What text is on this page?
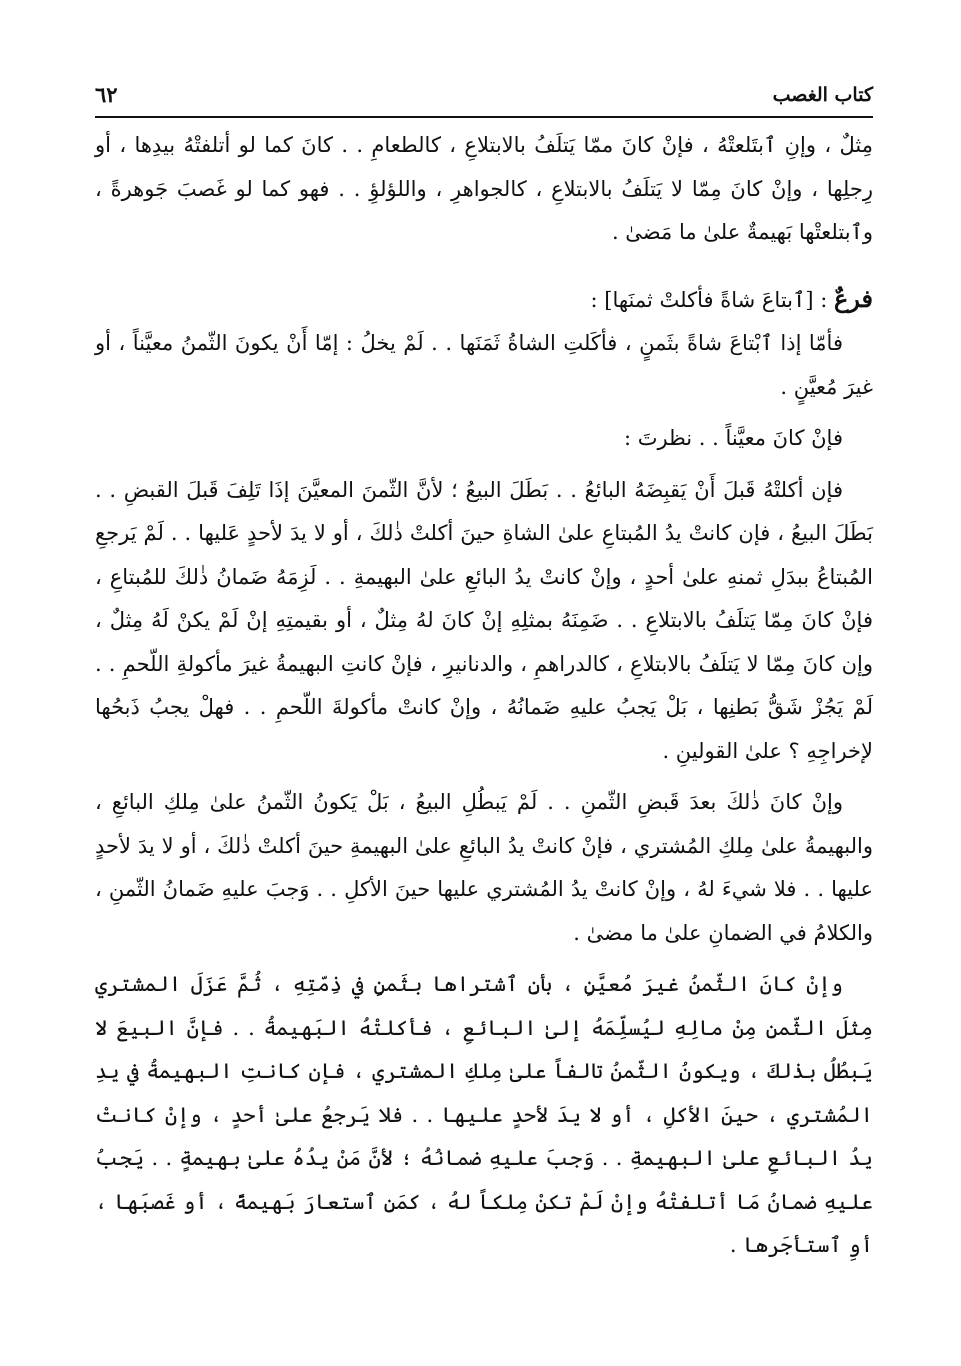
كتاب الغصب
٦٢

مِثلٌ ، وإنِ ٱبتَلعتْهُ ، فإنْ كانَ ممّا يَتلَفُ بالابتلاعِ ، كالطعامِ . . كانَ كما لو أتلفتْهُ بيدِها ، أو رِجلِها ، وإنْ كانَ مِمّا لا يَتلَفُ بالابتلاعِ ، كالجواهرِ ، واللؤلؤِ . . فهو كما لو غَصبَ جَوهرةً ، وٱبتلعتْها بَهيمةٌ علىٰ ما مَضىٰ .

فرعٌ : [ٱبتاعَ شاةً فأكلتْ ثمنَها] :

فأمّا إذا ٱبْتاعَ شاةً بثَمنٍ ، فأكَلتِ الشاةُ ثَمَنَها . . لَمْ يخلُ : إمّا أَنْ يكونَ الثّمنُ معيَّناً ، أو غيرَ مُعيَّنٍ .

فإنْ كانَ معيَّناً . . نظرتَ :

فإن أكلتْهُ قَبلَ أَنْ يَقبِضَهُ البائعُ . . بَطَلَ البيعُ ؛ لأنَّ الثّمنَ المعيَّنَ إذَا تَلِفَ قَبلَ القبضِ . . بَطَلَ البيعُ ، فإن كانتْ يدُ المُبتاعِ علىٰ الشاةِ حينَ أكلتْ ذٰلكَ ، أو لا يدَ لأحدٍ عَليها . . لَمْ يَرجعِ المُبتاعُ ببدَلِ ثمنهِ علىٰ أحدٍ ، وإنْ كانتْ يدُ البائعِ علىٰ البهيمةِ . . لَزِمَهُ ضَمانُ ذٰلكَ للمُبتاعِ ، فإنْ كانَ مِمّا يَتلَفُ بالابتلاعِ . . ضَمِنَهُ بمثلِهِ إنْ كانَ لهُ مِثلٌ ، أو بقيمتِهِ إنْ لَمْ يكنْ لَهُ مِثلٌ ، وإن كانَ مِمّا لا يَتلَفُ بالابتلاعِ ، كالدراهمِ ، والدنانيرِ ، فإنْ كانتِ البهيمةُ غيرَ مأكولةِ اللّحمِ . . لَمْ يَجُزْ شَقُّ بَطنِها ، بَلْ يَجبُ عليهِ ضَمانُهُ ، وإنْ كانتْ مأكولةَ اللّحمِ . . فهلْ يجبُ ذَبحُها لإخراجِهِ ؟ علىٰ القولينِ .

وإنْ كانَ ذٰلكَ بعدَ قَبضِ الثّمنِ . . لَمْ يَبطُلِ البيعُ ، بَلْ يَكونُ الثّمنُ علىٰ مِلكِ البائعِ ، والبهيمةُ علىٰ مِلكِ المُشتري ، فإنْ كانتْ يدُ البائعِ علىٰ البهيمةِ حينَ أكلتْ ذٰلكَ ، أو لا يدَ لأحدٍ عليها . . فلا شيءَ لهُ ، وإنْ كانتْ يدُ المُشتري عليها حينَ الأكلِ . . وَجبَ عليهِ ضَمانُ الثّمنِ ، والكلامُ في الضمانِ علىٰ ما مضىٰ .

وإنْ كانَ الثّمنُ غيرَ مُعيَّنٍ ، بأنِ ٱشتراها بثَمنٍ في ذِمّتِهِ ، ثُمَّ عَزَلَ المشتري مِثلَ الثّمنِ مِنْ مالِهِ ليُسلِّمَهُ إلىٰ البائعِ ، فأكلتْهُ البَهيمةُ . . فإنَّ البيعَ لا يَبطُلُ بذٰلكَ ، ويكونُ الثّمنُ تالفاً علىٰ مِلكِ المشتري ، فإن كانتِ البهيمةُ في يدِ المُشتري ، حينَ الأكلِ ، أو لا يدَ لأحدٍ عليها . . فلا يَرجعُ علىٰ أحدٍ ، وإنْ كانتْ يدُ البائعِ علىٰ البهيمةِ . . وَجبَ عليهِ ضمانُهُ ؛ لأنَّ مَنْ يدُهُ علىٰ بهيمةٍ . . يَجبُ عليهِ ضمانُ مَا أتلفتْهُ وإنْ لَمْ تكنْ مِلكاً لهُ ، كمَنِ ٱستعارَ بَهيمةً ، أو غَصبَها ، أوِ ٱستأجَرها .
